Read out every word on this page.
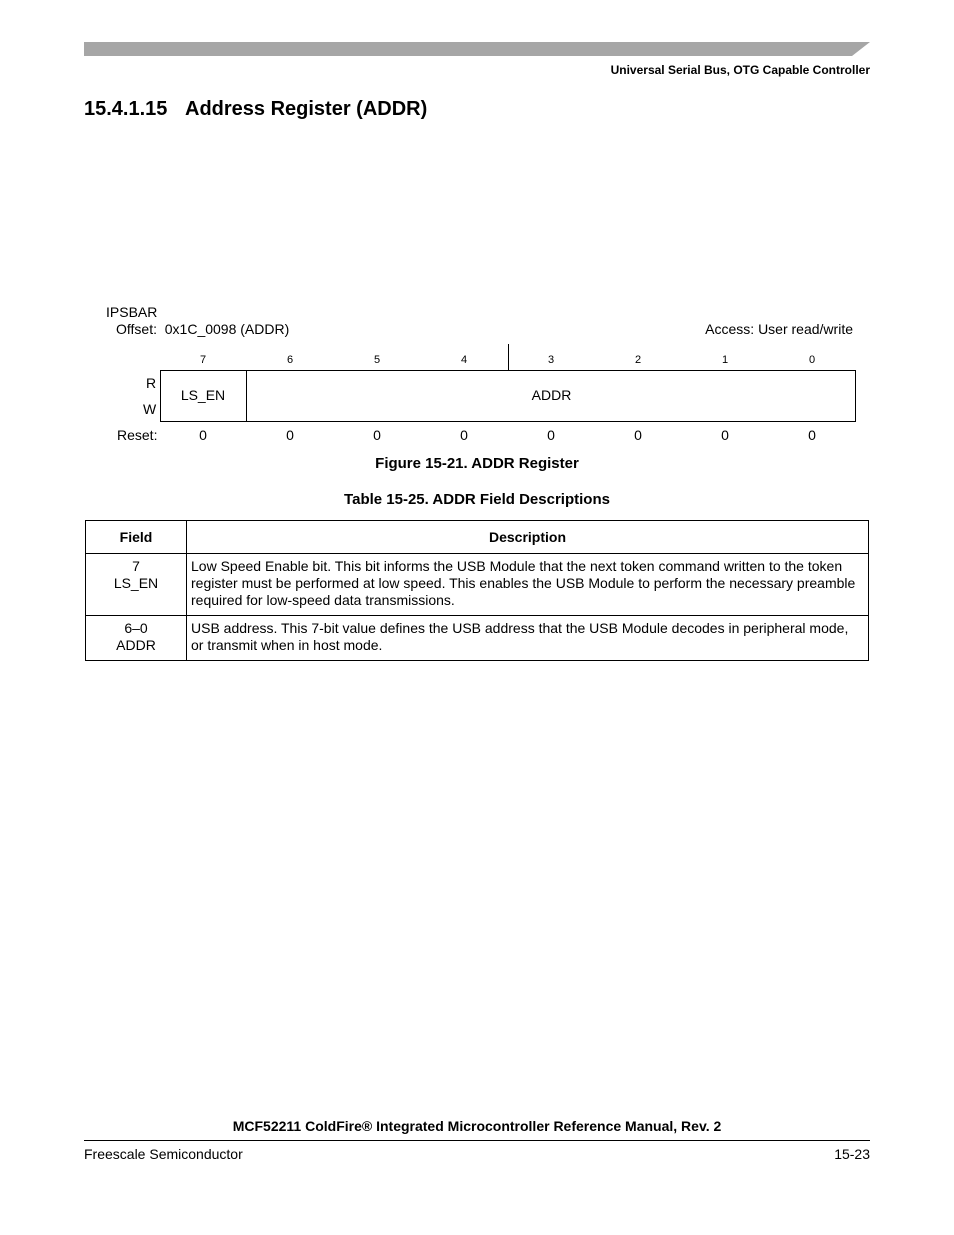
Universal Serial Bus, OTG Capable Controller
15.4.1.15 Address Register (ADDR)
IPSBAR
Offset: 0x1C_0098 (ADDR)	Access: User read/write
7	6	5	4	3	2	1	0
R
W
LS_EN	ADDR
Reset:	0	0	0	0	0	0	0	0
Figure 15-21. ADDR Register
Table 15-25. ADDR Field Descriptions
Field	Description

7
LS_EN	Low Speed Enable bit. This bit informs the USB Module that the next token command written to the token register must be performed at low speed. This enables the USB Module to perform the necessary preamble required for low-speed data transmissions.

6–0
ADDR	USB address. This 7-bit value defines the USB address that the USB Module decodes in peripheral mode, or transmit when in host mode.
MCF52211 ColdFire® Integrated Microcontroller Reference Manual, Rev. 2
Freescale Semiconductor	15-23
